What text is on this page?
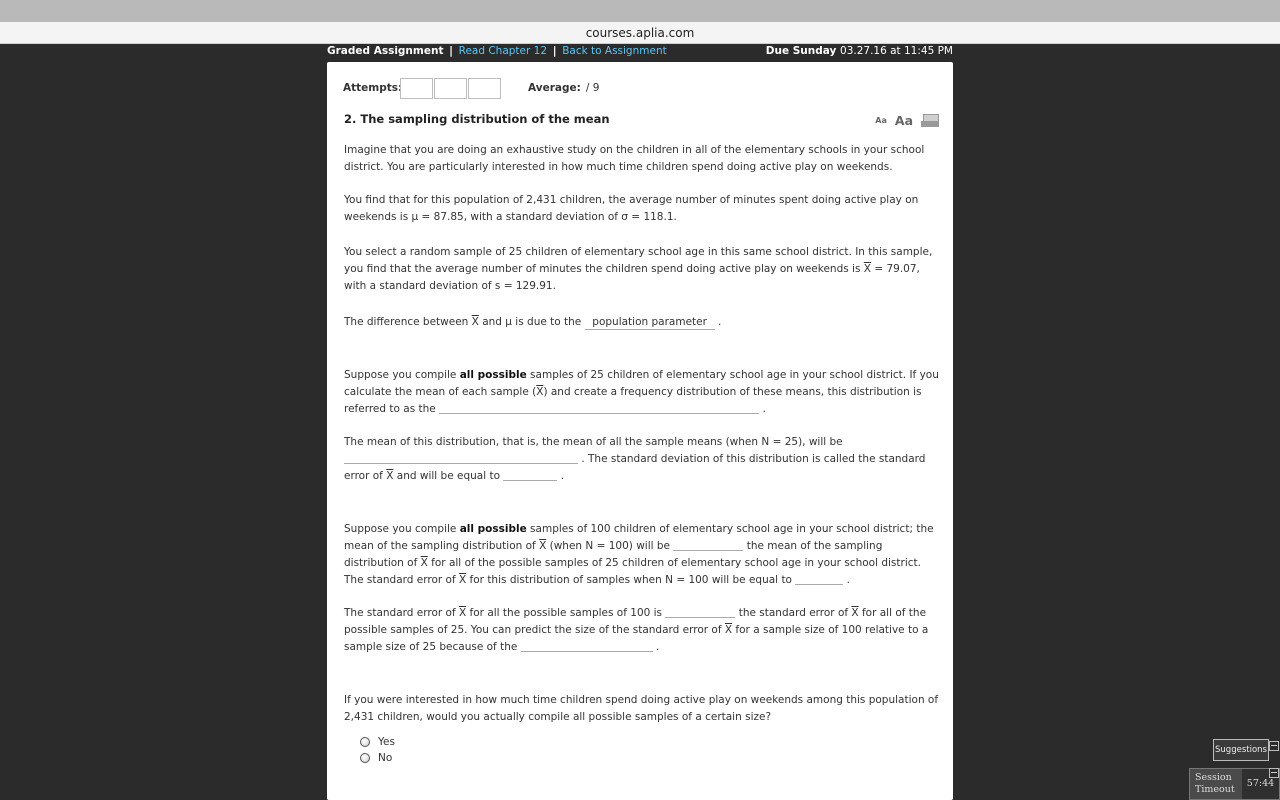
courses.aplia.com
Graded Assignment | Read Chapter 12 | Back to Assignment	Due Sunday 03.27.16 at 11:45 PM
Attempts:	Average: / 9
2. The sampling distribution of the mean	Aa Aa
Imagine that you are doing an exhaustive study on the children in all of the elementary schools in your school district. You are particularly interested in how much time children spend doing active play on weekends.
You find that for this population of 2,431 children, the average number of minutes spent doing active play on weekends is μ = 87.85, with a standard deviation of σ = 118.1.
You select a random sample of 25 children of elementary school age in this same school district. In this sample, you find that the average number of minutes the children spend doing active play on weekends is $\overline{X} = 79.07$, with a standard deviation of s = 129.91.
The difference between $\overline{X}$ and μ is due to the population parameter .
Suppose you compile all possible samples of 25 children of elementary school age in your school district. If you calculate the mean of each sample $(\overline{X})$ and create a frequency distribution of these means, this distribution is referred to as the	.
The mean of this distribution, that is, the mean of all the sample means (when N = 25), will be
. The standard deviation of this distribution is called the standard error of $\overline{X}$ and will be equal to	.
Suppose you compile all possible samples of 100 children of elementary school age in your school district; the mean of the sampling distribution of $\overline{X}$ (when N = 100) will be	the mean of the sampling distribution of $\overline{X}$ for all of the possible samples of 25 children of elementary school age in your school district. The standard error of $\overline{X}$ for this distribution of samples when N = 100 will be equal to	.
The standard error of $\overline{X}$ for all the possible samples of 100 is	the standard error of $\overline{X}$ for all of the possible samples of 25. You can predict the size of the standard error of $\overline{X}$ for a sample size of 100 relative to a sample size of 25 because of the	.
If you were interested in how much time children spend doing active play on weekends among this population of 2,431 children, would you actually compile all possible samples of a certain size?
Yes
No
Suggestions
Session Timeout
57:44
